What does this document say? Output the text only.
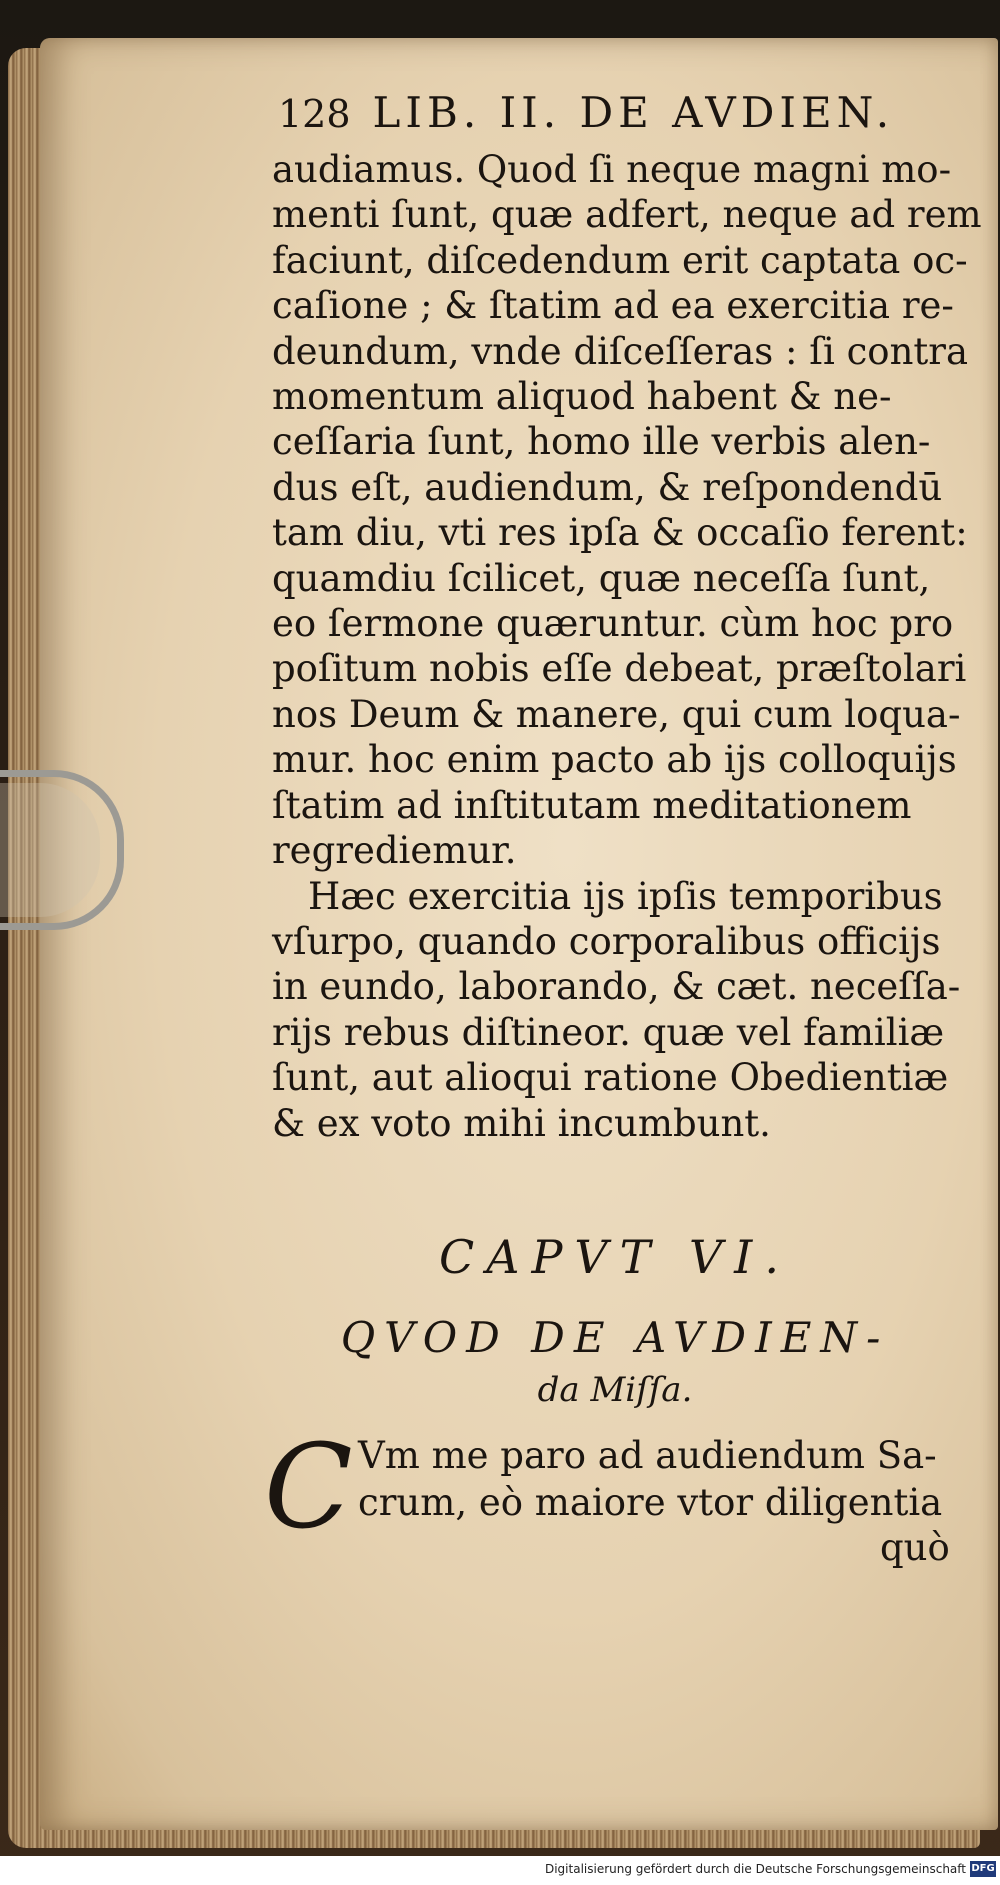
128 LIB. II. DE AVDIEN.
audiamus. Quod ſi neque magni mo-
menti ſunt, quæ adfert, neque ad rem
faciunt, diſcedendum erit captata oc-
caſione ; & ſtatim ad ea exercitia re-
deundum, vnde diſceſſeras : ſi contra
momentum aliquod habent & ne-
ceſſaria ſunt, homo ille verbis alen-
dus eſt, audiendum, & reſpondendū
tam diu, vti res ipſa & occaſio ferent:
quamdiu ſcilicet, quæ neceſſa ſunt,
eo ſermone quæruntur. cùm hoc pro
poſitum nobis eſſe debeat, præſtolari
nos Deum & manere, qui cum loqua-
mur. hoc enim pacto ab ijs colloquijs
ſtatim ad inſtitutam meditationem
regrediemur.
Hæc exercitia ijs ipſis temporibus
vſurpo, quando corporalibus officijs
in eundo, laborando, & cæt. neceſſa-
rijs rebus diſtineor. quæ vel familiæ
ſunt, aut alioqui ratione Obedientiæ
& ex voto mihi incumbunt.
CAPVT VI.
QVOD DE AVDIEN-
da Miſſa.
C Vm me paro ad audiendum Sa-
crum, eò maiore vtor diligentia
quò
Digitalisierung gefördert durch die Deutsche Forschungsgemeinschaft DFG
